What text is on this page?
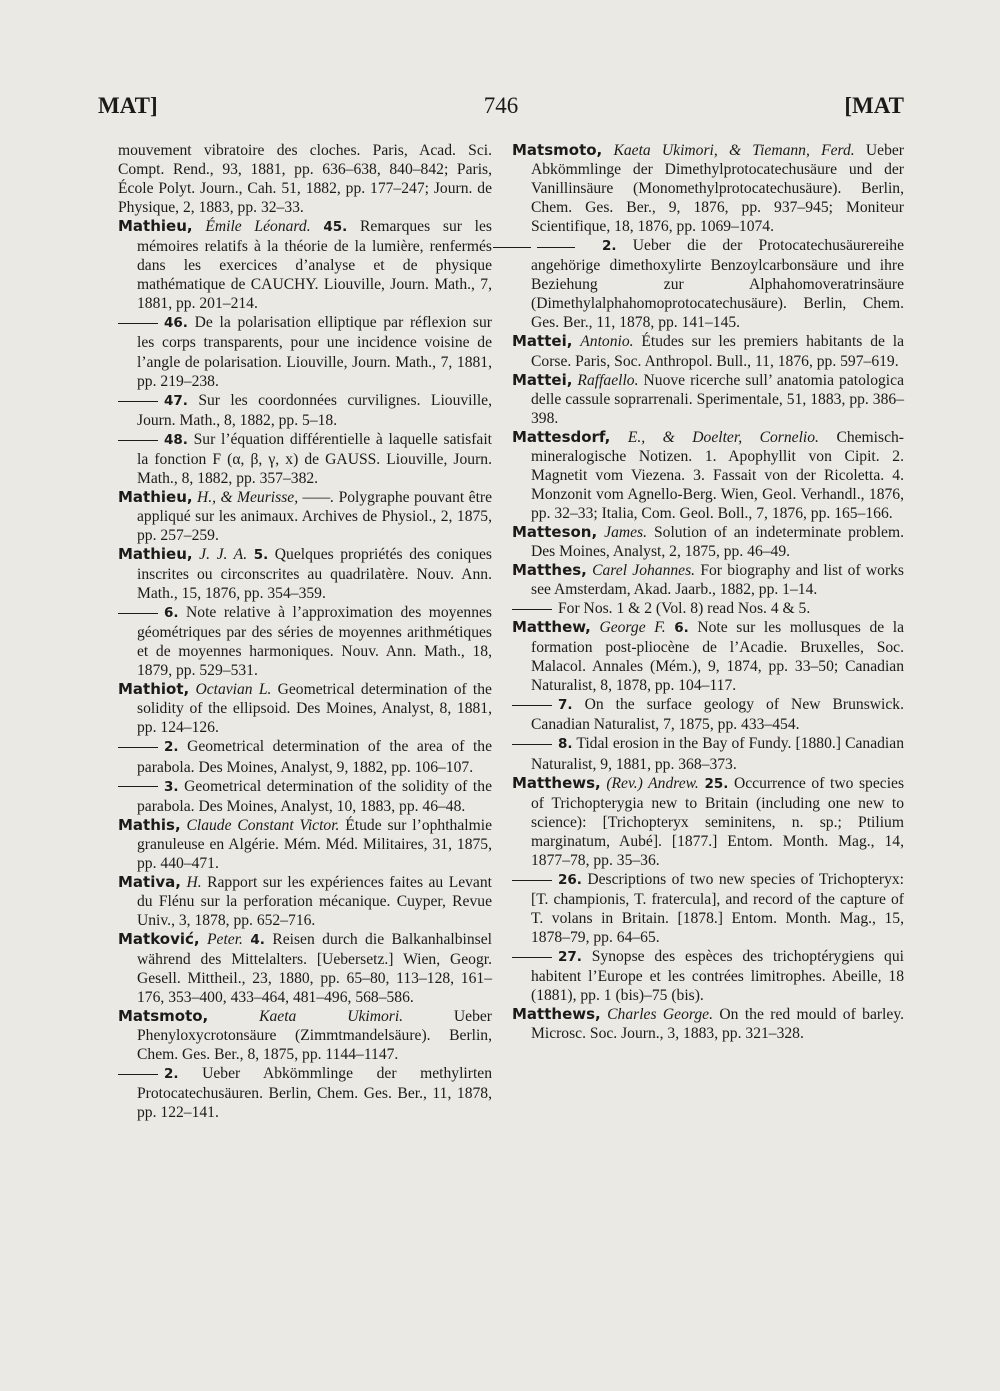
MAT]	746	[MAT

mouvement vibratoire des cloches. Paris, Acad. Sci. Compt. Rend., 93, 1881, pp. 636–638, 840–842; Paris, École Polyt. Journ., Cah. 51, 1882, pp. 177–247; Journ. de Physique, 2, 1883, pp. 32–33.

Mathieu, Émile Léonard. 45. Remarques sur les mémoires relatifs à la théorie de la lumière, renfermés dans les exercices d’analyse et de physique mathématique de CAUCHY. Liouville, Journ. Math., 7, 1881, pp. 201–214.

46. De la polarisation elliptique par réflexion sur les corps transparents, pour une incidence voisine de l’angle de polarisation. Liouville, Journ. Math., 7, 1881, pp. 219–238.

47. Sur les coordonnées curvilignes. Liouville, Journ. Math., 8, 1882, pp. 5–18.

48. Sur l’équation différentielle à laquelle satisfait la fonction F (α, β, γ, x) de GAUSS. Liouville, Journ. Math., 8, 1882, pp. 357–382.

Mathieu, H., & Meurisse, ——. Polygraphe pouvant être appliqué sur les animaux. Archives de Physiol., 2, 1875, pp. 257–259.

Mathieu, J. J. A. 5. Quelques propriétés des coniques inscrites ou circonscrites au quadrilatère. Nouv. Ann. Math., 15, 1876, pp. 354–359.

6. Note relative à l’approximation des moyennes géométriques par des séries de moyennes arithmétiques et de moyennes harmoniques. Nouv. Ann. Math., 18, 1879, pp. 529–531.

Mathiot, Octavian L. Geometrical determination of the solidity of the ellipsoid. Des Moines, Analyst, 8, 1881, pp. 124–126.

2. Geometrical determination of the area of the parabola. Des Moines, Analyst, 9, 1882, pp. 106–107.

3. Geometrical determination of the solidity of the parabola. Des Moines, Analyst, 10, 1883, pp. 46–48.

Mathis, Claude Constant Victor. Étude sur l’ophthalmie granuleuse en Algérie. Mém. Méd. Militaires, 31, 1875, pp. 440–471.

Mativa, H. Rapport sur les expériences faites au Levant du Flénu sur la perforation mécanique. Cuyper, Revue Univ., 3, 1878, pp. 652–716.

Matković, Peter. 4. Reisen durch die Balkanhalbinsel während des Mittelalters. [Uebersetz.] Wien, Geogr. Gesell. Mittheil., 23, 1880, pp. 65–80, 113–128, 161–176, 353–400, 433–464, 481–496, 568–586.

Matsmoto,	Kaeta Ukimori.	Ueber Phenyloxycrotonsäure (Zimmtmandelsäure). Berlin, Chem. Ges. Ber., 8, 1875, pp. 1144–1147.

2. Ueber Abkömmlinge der methylirten Protocatechusäuren. Berlin, Chem. Ges. Ber., 11, 1878, pp. 122–141.

Matsmoto, Kaeta Ukimori, & Tiemann, Ferd. Ueber Abkömmlinge der Dimethylprotocatechusäure und der Vanillinsäure (Monomethylprotocatechusäure). Berlin, Chem. Ges. Ber., 9, 1876, pp. 937–945; Moniteur Scientifique, 18, 1876, pp. 1069–1074.

2. Ueber die der Protocatechusäurereihe angehörige dimethoxylirte Benzoylcarbonsäure und ihre Beziehung zur Alphahomoveratrinsäure (Dimethylalphahomoprotocatechusäure). Berlin, Chem. Ges. Ber., 11, 1878, pp. 141–145.

Mattei, Antonio. Études sur les premiers habitants de la Corse. Paris, Soc. Anthropol. Bull., 11, 1876, pp. 597–619.

Mattei, Raffaello. Nuove ricerche sull’ anatomia patologica delle cassule soprarrenali. Sperimentale, 51, 1883, pp. 386–398.

Mattesdorf, E., & Doelter, Cornelio. Chemisch-mineralogische Notizen. 1. Apophyllit von Cipit. 2. Magnetit vom Viezena. 3. Fassait von der Ricoletta. 4. Monzonit vom Agnello-Berg. Wien, Geol. Verhandl., 1876, pp. 32–33; Italia, Com. Geol. Boll., 7, 1876, pp. 165–166.

Matteson, James. Solution of an indeterminate problem. Des Moines, Analyst, 2, 1875, pp. 46–49.

Matthes, Carel Johannes. For biography and list of works see Amsterdam, Akad. Jaarb., 1882, pp. 1–14.

For Nos. 1 & 2 (Vol. 8) read Nos. 4 & 5.

Matthew, George F. 6. Note sur les mollusques de la formation post-pliocène de l’Acadie. Bruxelles, Soc. Malacol. Annales (Mém.), 9, 1874, pp. 33–50; Canadian Naturalist, 8, 1878, pp. 104–117.

7. On the surface geology of New Brunswick. Canadian Naturalist, 7, 1875, pp. 433–454.

8. Tidal erosion in the Bay of Fundy. [1880.] Canadian Naturalist, 9, 1881, pp. 368–373.

Matthews, (Rev.) Andrew. 25. Occurrence of two species of Trichopterygia new to Britain (including one new to science): [Trichopteryx seminitens, n. sp.; Ptilium marginatum, Aubé]. [1877.] Entom. Month. Mag., 14, 1877–78, pp. 35–36.

26. Descriptions of two new species of Trichopteryx: [T. championis, T. fratercula], and record of the capture of T. volans in Britain. [1878.] Entom. Month. Mag., 15, 1878–79, pp. 64–65.

27. Synopse des espèces des trichoptérygiens qui habitent l’Europe et les contrées limitrophes. Abeille, 18 (1881), pp. 1 (bis)–75 (bis).

Matthews, Charles George. On the red mould of barley. Microsc. Soc. Journ., 3, 1883, pp. 321–328.
